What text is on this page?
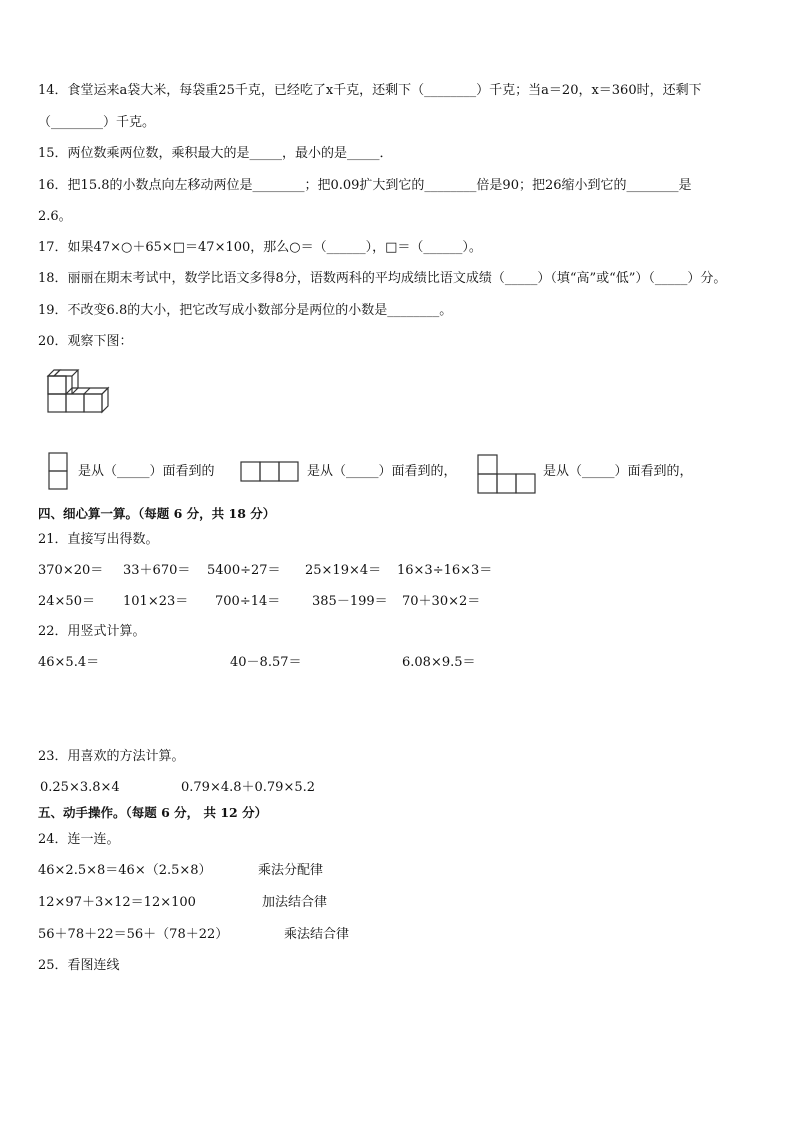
14．食堂运来a袋大米，每袋重25千克，已经吃了x千克，还剩下（________）千克；当a＝20，x＝360时，还剩下
（________）千克。
15．两位数乘两位数，乘积最大的是_____，最小的是_____．
16．把15.8的小数点向左移动两位是________；把0.09扩大到它的________倍是90；把26缩小到它的________是
2.6。
17．如果47×○＋65×□＝47×100，那么○＝（______），□＝（______）。
18．丽丽在期末考试中，数学比语文多得8分，语数两科的平均成绩比语文成绩（_____）（填“高”或“低”）（_____）分。
19．不改变6.8的大小，把它改写成小数部分是两位的小数是________。
20．观察下图：
是从（_____）面看到的	是从（_____）面看到的，	是从（_____）面看到的，
四、细心算一算。（每题 6 分，共 18 分）
21．直接写出得数。
370×20＝ 33＋670＝ 5400÷27＝ 25×19×4＝ 16×3÷16×3＝
24×50＝ 101×23＝ 700÷14＝ 385－199＝ 70＋30×2＝
22．用竖式计算。
46×5.4＝	40－8.57＝	6.08×9.5＝
23．用喜欢的方法计算。
0.25×3.8×4	0.79×4.8＋0.79×5.2
五、动手操作。（每题 6 分， 共 12 分）
24．连一连。
46×2.5×8＝46×（2.5×8）	乘法分配律
12×97＋3×12＝12×100	加法结合律
56＋78＋22＝56＋（78＋22）	乘法结合律
25．看图连线
